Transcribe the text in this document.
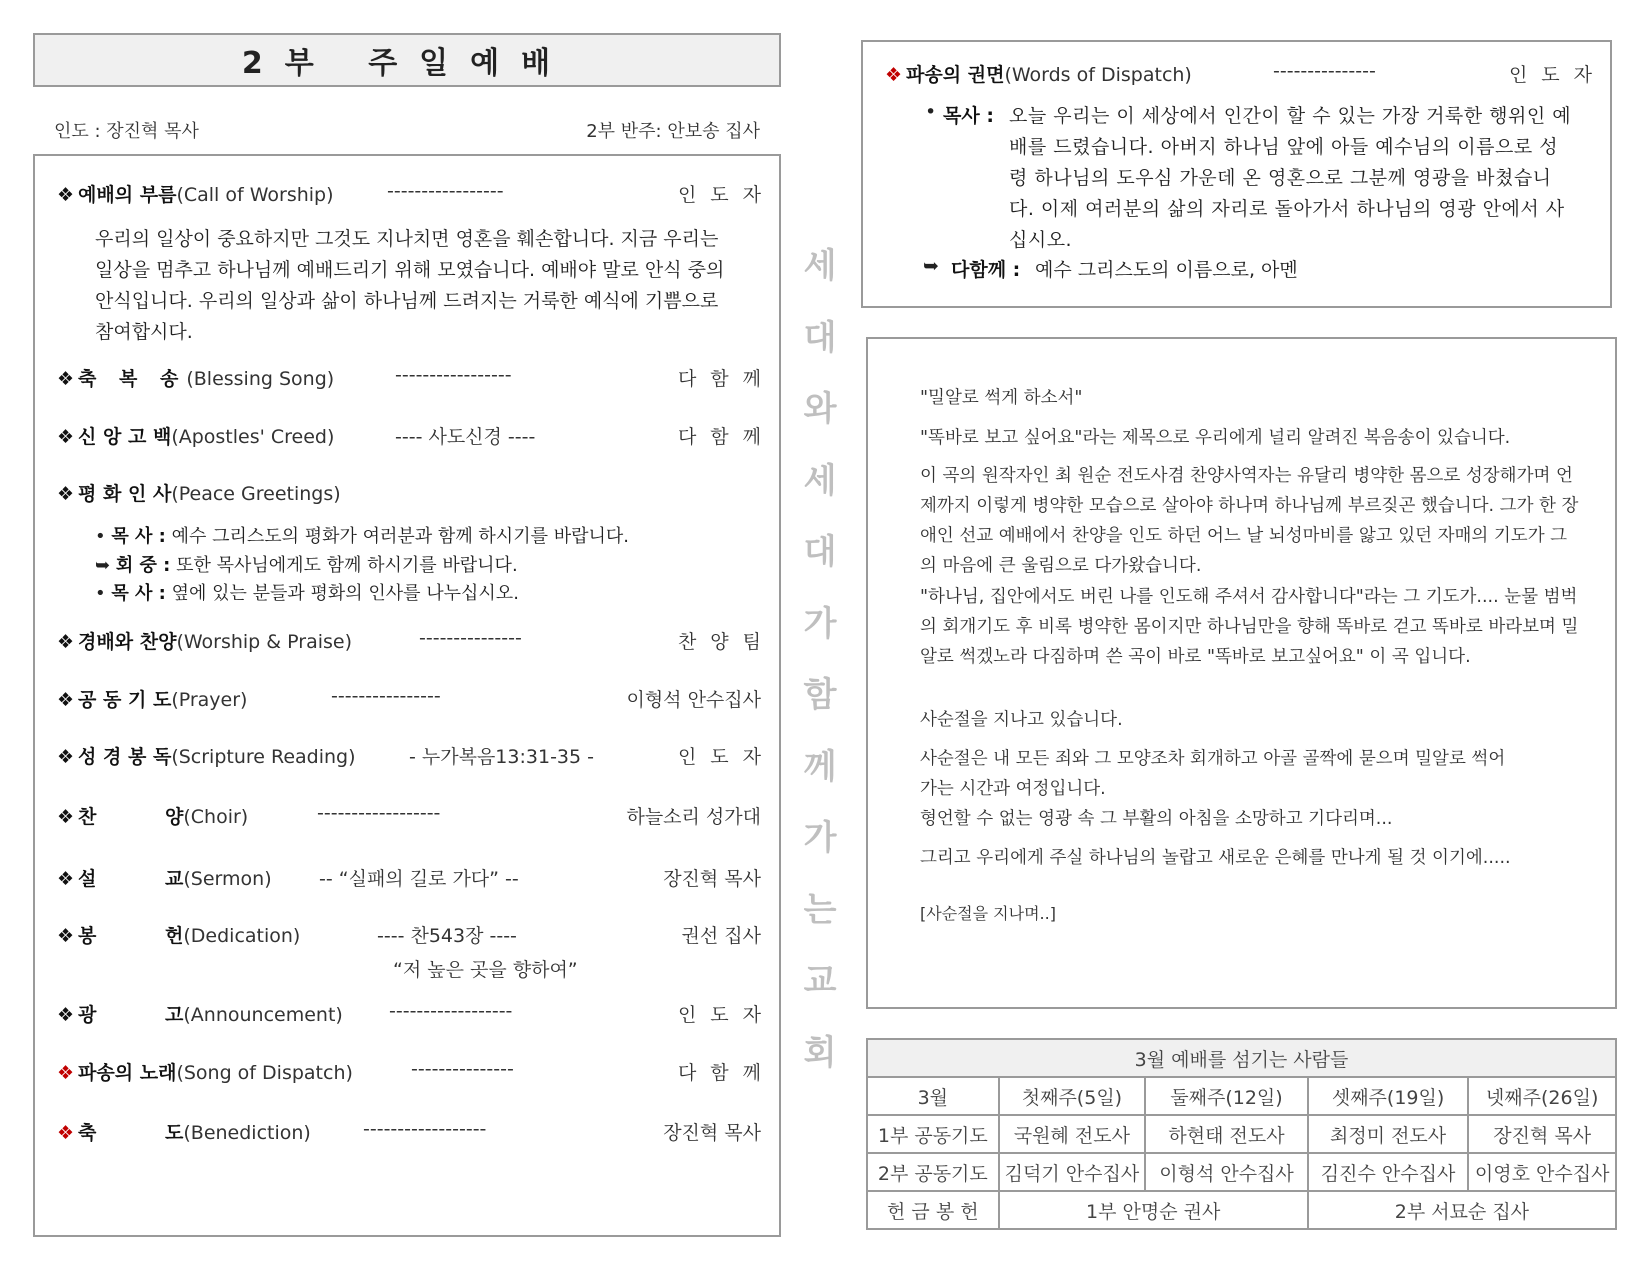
2부 주일예배
인도 : 장진혁 목사	2부 반주: 안보송 집사
❖ 예배의 부름(Call of Worship)	-----------------	인도자
우리의 일상이 중요하지만 그것도 지나치면 영혼을 훼손합니다. 지금 우리는 일상을 멈추고 하나님께 예배드리기 위해 모였습니다. 예배야 말로 안식 중의 안식입니다. 우리의 일상과 삶이 하나님께 드려지는 거룩한 예식에 기쁨으로 참여합시다.
❖ 축 복 송(Blessing Song)	-----------------	다함께
❖ 신 앙 고 백(Apostles' Creed)	---- 사도신경 ----	다함께
❖ 평 화 인 사(Peace Greetings)
• 목 사 : 예수 그리스도의 평화가 여러분과 함께 하시기를 바랍니다.
➥ 회 중 : 또한 목사님에게도 함께 하시기를 바랍니다.
• 목 사 : 옆에 있는 분들과 평화의 인사를 나누십시오.
❖ 경배와 찬양(Worship & Praise)	---------------	찬양팀
❖ 공 동 기 도(Prayer)	----------------	이형석 안수집사
❖ 성 경 봉 독(Scripture Reading)	- 누가복음13:31-35 -	인도자
❖ 찬 양(Choir)	------------------	하늘소리 성가대
❖ 설 교(Sermon) -- “실패의 길로 가다” --	장진혁 목사
❖ 봉 헌(Dedication)	---- 찬543장 ----	권선 집사
“저 높은 곳을 향하여”
❖ 광 고(Announcement) ------------------	인도자
❖ 파송의 노래(Song of Dispatch)	---------------	다함께
❖ 축 도(Benediction)	------------------	장진혁 목사
세
대
와
세
대
가
함
께
가
는
교
회
❖ 파송의 권면(Words of Dispatch)	---------------	인도자
• 목사 : 오늘 우리는 이 세상에서 인간이 할 수 있는 가장 거룩한 행위인 예배를 드렸습니다. 아버지 하나님 앞에 아들 예수님의 이름으로 성령 하나님의 도우심 가운데 온 영혼으로 그분께 영광을 바쳤습니다. 이제 여러분의 삶의 자리로 돌아가서 하나님의 영광 안에서 사십시오.
➥ 다함께 : 예수 그리스도의 이름으로, 아멘
"밀알로 썩게 하소서"
"똑바로 보고 싶어요"라는 제목으로 우리에게 널리 알려진 복음송이 있습니다.
이 곡의 원작자인 최 원순 전도사겸 찬양사역자는 유달리 병약한 몸으로 성장해가며 언제까지 이렇게 병약한 모습으로 살아야 하나며 하나님께 부르짖곤 했습니다. 그가 한 장애인 선교 예배에서 찬양을 인도 하던 어느 날 뇌성마비를 앓고 있던 자매의 기도가 그의 마음에 큰 울림으로 다가왔습니다.
"하나님, 집안에서도 버린 나를 인도해 주셔서 감사합니다"라는 그 기도가.... 눈물 범벅의 회개기도 후 비록 병약한 몸이지만 하나님만을 향해 똑바로 걷고 똑바로 바라보며 밀알로 썩겠노라 다짐하며 쓴 곡이 바로 "똑바로 보고싶어요" 이 곡 입니다.
사순절을 지나고 있습니다.
사순절은 내 모든 죄와 그 모양조차 회개하고 아골 골짝에 묻으며 밀알로 썩어가는 시간과 여정입니다.
형언할 수 없는 영광 속 그 부활의 아침을 소망하고 기다리며...
그리고 우리에게 주실 하나님의 놀랍고 새로운 은혜를 만나게 될 것 이기에.....
[사순절을 지나며..]
3월 예배를 섬기는 사람들				
3월	첫째주(5일)	둘째주(12일)	셋째주(19일)	넷째주(26일)
1부 공동기도	국원혜 전도사	하현태 전도사	최정미 전도사	장진혁 목사
2부 공동기도	김덕기 안수집사	이형석 안수집사	김진수 안수집사	이영호 안수집사
헌 금 봉 헌	1부 안명순 권사		2부 서묘순 집사	
